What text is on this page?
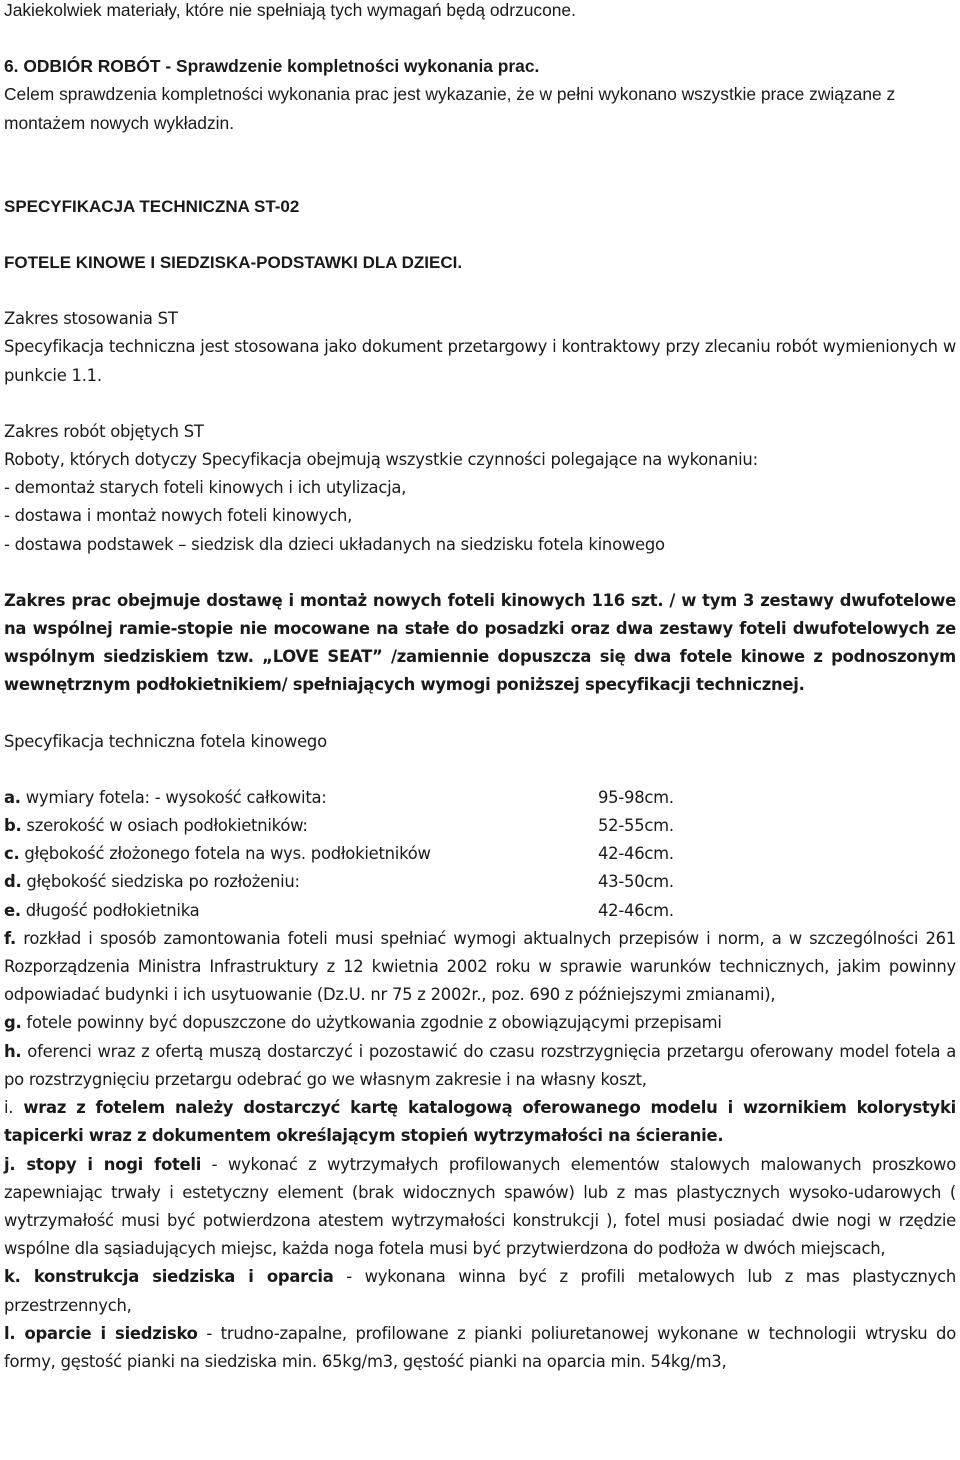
Jakiekolwiek materiały, które nie spełniają tych wymagań będą odrzucone.

6. ODBIÓR ROBÓT - Sprawdzenie kompletności wykonania prac.

Celem sprawdzenia kompletności wykonania prac jest wykazanie, że w pełni wykonano wszystkie prace związane z montażem nowych wykładzin.

SPECYFIKACJA TECHNICZNA ST-02

FOTELE KINOWE I SIEDZISKA-PODSTAWKI DLA DZIECI.

Zakres stosowania ST

Specyfikacja techniczna jest stosowana jako dokument przetargowy i kontraktowy przy zlecaniu robót wymienionych w punkcie 1.1.

Zakres robót objętych ST

Roboty, których dotyczy Specyfikacja obejmują wszystkie czynności polegające na wykonaniu:

- demontaż starych foteli kinowych i ich utylizacja,

- dostawa i montaż nowych foteli kinowych,

- dostawa podstawek – siedzisk dla dzieci układanych na siedzisku fotela kinowego

Zakres prac obejmuje dostawę i montaż nowych foteli kinowych 116 szt. / w tym 3 zestawy dwufotelowe na wspólnej ramie-stopie nie mocowane na stałe do posadzki oraz dwa zestawy foteli dwufotelowych ze wspólnym siedziskiem tzw. „LOVE SEAT” /zamiennie dopuszcza się dwa fotele kinowe z podnoszonym wewnętrznym podłokietnikiem/ spełniających wymogi poniższej specyfikacji technicznej.

Specyfikacja techniczna fotela kinowego

a. wymiary fotela: - wysokość całkowita:	95-98cm.
b. szerokość w osiach podłokietników:	52-55cm.
c. głębokość złożonego fotela na wys. podłokietników	42-46cm.
d. głębokość siedziska po rozłożeniu:	43-50cm.
e. długość podłokietnika	42-46cm.

f. rozkład i sposób zamontowania foteli musi spełniać wymogi aktualnych przepisów i norm, a w szczególności 261 Rozporządzenia Ministra Infrastruktury z 12 kwietnia 2002 roku w sprawie warunków technicznych, jakim powinny odpowiadać budynki i ich usytuowanie (Dz.U. nr 75 z 2002r., poz. 690 z późniejszymi zmianami),

g. fotele powinny być dopuszczone do użytkowania zgodnie z obowiązującymi przepisami

h. oferenci wraz z ofertą muszą dostarczyć i pozostawić do czasu rozstrzygnięcia przetargu oferowany model fotela a po rozstrzygnięciu przetargu odebrać go we własnym zakresie i na własny koszt,

i. wraz z fotelem należy dostarczyć kartę katalogową oferowanego modelu i wzornikiem kolorystyki tapicerki wraz z dokumentem określającym stopień wytrzymałości na ścieranie.

j. stopy i nogi foteli - wykonać z wytrzymałych profilowanych elementów stalowych malowanych proszkowo zapewniając trwały i estetyczny element (brak widocznych spawów) lub z mas plastycznych wysoko-udarowych ( wytrzymałość musi być potwierdzona atestem wytrzymałości konstrukcji ), fotel musi posiadać dwie nogi w rzędzie wspólne dla sąsiadujących miejsc, każda noga fotela musi być przytwierdzona do podłoża w dwóch miejscach,

k. konstrukcja siedziska i oparcia - wykonana winna być z profili metalowych lub z mas plastycznych przestrzennych,

l. oparcie i siedzisko - trudno-zapalne, profilowane z pianki poliuretanowej wykonane w technologii wtrysku do formy, gęstość pianki na siedziska min. 65kg/m3, gęstość pianki na oparcia min. 54kg/m3,
